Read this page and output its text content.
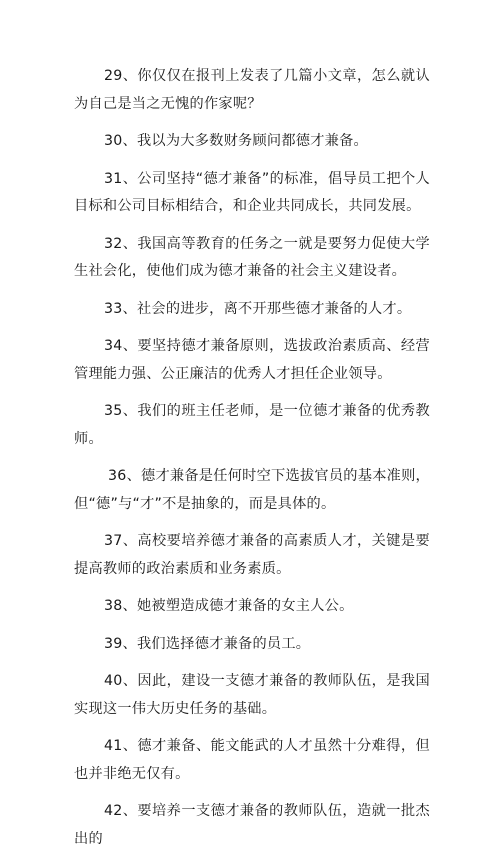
29、你仅仅在报刊上发表了几篇小文章，怎么就认为自己是当之无愧的作家呢？

30、我以为大多数财务顾问都德才兼备。

31、公司坚持“德才兼备”的标准，倡导员工把个人目标和公司目标相结合，和企业共同成长，共同发展。

32、我国高等教育的任务之一就是要努力促使大学生社会化，使他们成为德才兼备的社会主义建设者。

33、社会的进步，离不开那些德才兼备的人才。

34、要坚持德才兼备原则，选拔政治素质高、经营管理能力强、公正廉洁的优秀人才担任企业领导。

35、我们的班主任老师，是一位德才兼备的优秀教师。

36、德才兼备是任何时空下选拔官员的基本准则，但“德”与“才”不是抽象的，而是具体的。

37、高校要培养德才兼备的高素质人才，关键是要提高教师的政治素质和业务素质。

38、她被塑造成德才兼备的女主人公。

39、我们选择德才兼备的员工。

40、因此，建设一支德才兼备的教师队伍，是我国实现这一伟大历史任务的基础。

41、德才兼备、能文能武的人才虽然十分难得，但也并非绝无仅有。

42、要培养一支德才兼备的教师队伍，造就一批杰出的
